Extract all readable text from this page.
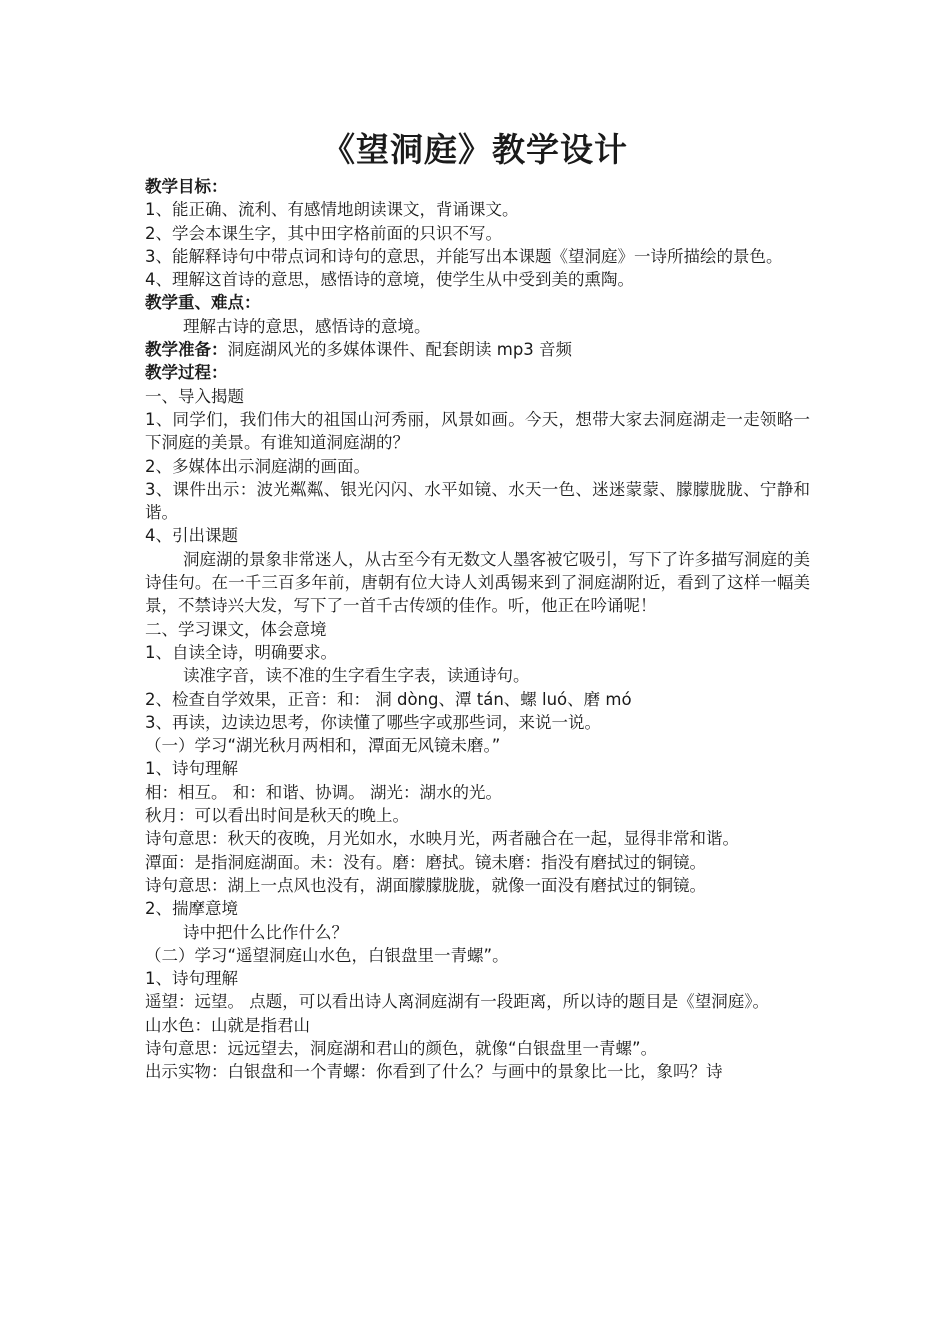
《望洞庭》教学设计

教学目标：

1、能正确、流利、有感情地朗读课文，背诵课文。

2、学会本课生字，其中田字格前面的只识不写。

3、能解释诗句中带点词和诗句的意思，并能写出本课题《望洞庭》一诗所描绘的景色。

4、理解这首诗的意思，感悟诗的意境，使学生从中受到美的熏陶。

教学重、难点：

理解古诗的意思，感悟诗的意境。

教学准备：洞庭湖风光的多媒体课件、配套朗读 mp3 音频

教学过程：

一、导入揭题

1、同学们，我们伟大的祖国山河秀丽，风景如画。今天，想带大家去洞庭湖走一走领略一下洞庭的美景。有谁知道洞庭湖的？

2、多媒体出示洞庭湖的画面。

3、课件出示：波光粼粼、银光闪闪、水平如镜、水天一色、迷迷蒙蒙、朦朦胧胧、宁静和谐。

4、引出课题

洞庭湖的景象非常迷人，从古至今有无数文人墨客被它吸引，写下了许多描写洞庭的美诗佳句。在一千三百多年前，唐朝有位大诗人刘禹锡来到了洞庭湖附近，看到了这样一幅美景，不禁诗兴大发，写下了一首千古传颂的佳作。听，他正在吟诵呢！

二、学习课文，体会意境

1、自读全诗，明确要求。

读准字音，读不准的生字看生字表，读通诗句。

2、检查自学效果，正音：和： 洞 dòng、潭 tán、螺 luó、磨 mó

3、再读，边读边思考，你读懂了哪些字或那些词，来说一说。

（一）学习“湖光秋月两相和，潭面无风镜未磨。”

1、诗句理解

相：相互。 和：和谐、协调。 湖光：湖水的光。

秋月：可以看出时间是秋天的晚上。

诗句意思：秋天的夜晚，月光如水，水映月光，两者融合在一起，显得非常和谐。

潭面：是指洞庭湖面。未：没有。磨：磨拭。镜未磨：指没有磨拭过的铜镜。

诗句意思：湖上一点风也没有，湖面朦朦胧胧，就像一面没有磨拭过的铜镜。

2、揣摩意境

诗中把什么比作什么？

（二）学习“遥望洞庭山水色，白银盘里一青螺”。

1、诗句理解

遥望：远望。 点题，可以看出诗人离洞庭湖有一段距离，所以诗的题目是《望洞庭》。

山水色：山就是指君山

诗句意思：远远望去，洞庭湖和君山的颜色，就像“白银盘里一青螺”。

出示实物：白银盘和一个青螺：你看到了什么？与画中的景象比一比，象吗？诗
